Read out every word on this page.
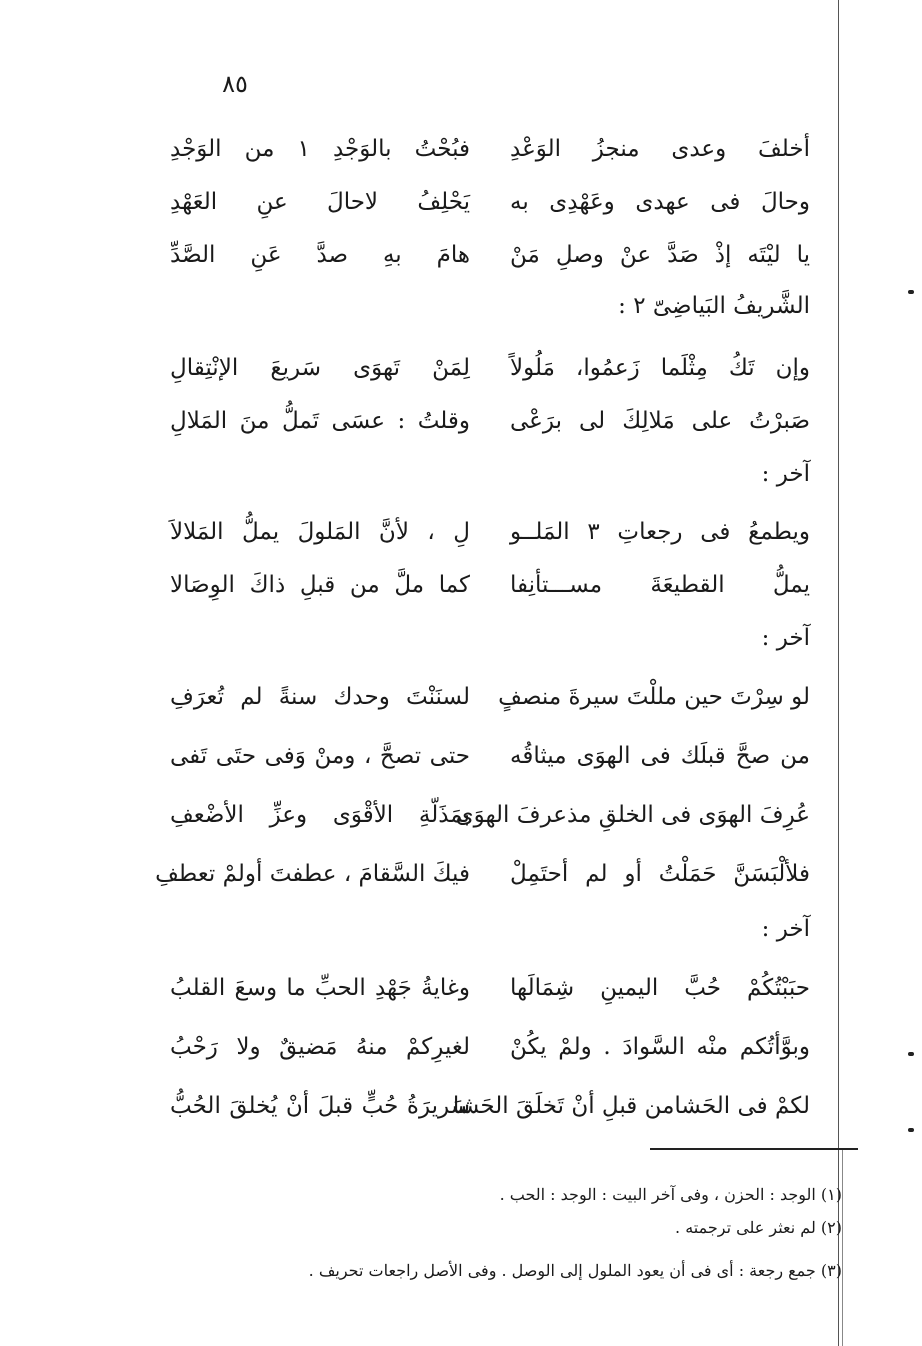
٨٥
أخلفَ وعدى منجزُ الوَعْدِ
فبُحْتُ بالوَجْدِ ١ من الوَجْدِ
وحالَ فى عهدى وعَهْدِى به
يَحْلِفُ لاحالَ عنِ العَهْدِ
يا ليْتَه إذْ صَدَّ عنْ وصلِ مَنْ
هامَ بهِ صدَّ عَنِ الصَّدِّ
الشَّريفُ البَياضِىّ ٢ :
وإن تَكُ مِثْلَما زَعمُوا، مَلُولاً
لِمَنْ تَهوَى سَريعَ الإنْتِقالِ
صَبرْتُ على مَلالِكَ لى برَعْى
وقلتُ : عسَى تَملُّ منَ المَلالِ
آخر :
ويطمعُ فى رجعاتِ ٣ المَلــو
لِ ، لأنَّ المَلولَ يملُّ المَلالاَ
يملُّ القطيعَةَ مســـتأنِفا
كما ملَّ من قبلِ ذاكَ الوِصَالا
آخر :
لو سِرْتَ حين مللْتَ سيرةَ منصفٍ
لسنَنْتَ وحدك سنةً لم تُعرَفِ
من صحَّ قبلَك فى الهوَى ميثاقُه
حتى تصحَّ ، ومنْ وَفى حتَى تَفى
عُرِفَ الهوَى فى الخلقِ مذعرفَ الهوَى
بمَذَلّةِ الأقْوَى وعزِّ الأضْعفِ
فلألْبَسَنَّ حَمَلْتُ أو لم أحتَمِلْ
فيكَ السَّقامَ ، عطفتَ أولمْ تعطفِ
آخر :
حبَبْتُكُمْ حُبَّ اليمينِ شِمَالَها
وغايةُ جَهْدِ الحبِّ ما وسعَ القلبُ
وبوَّأتُكم منْه السَّوادَ . ولمْ يكُنْ
لغيرِكمْ منهُ مَضيقٌ ولا رَحْبُ
لكمْ فى الحَشامن قبلِ أنْ تَخلَقَ الحَشا
سَريرَةُ حُبٍّ قبلَ أنْ يُخلقَ الحُبُّ
(١) الوجد : الحزن ، وفى آخر البيت : الوجد : الحب .
(٢) لم نعثر على ترجمته .
(٣) جمع رجعة : أى فى أن يعود الملول إلى الوصل . وفى الأصل راجعات تحريف .
